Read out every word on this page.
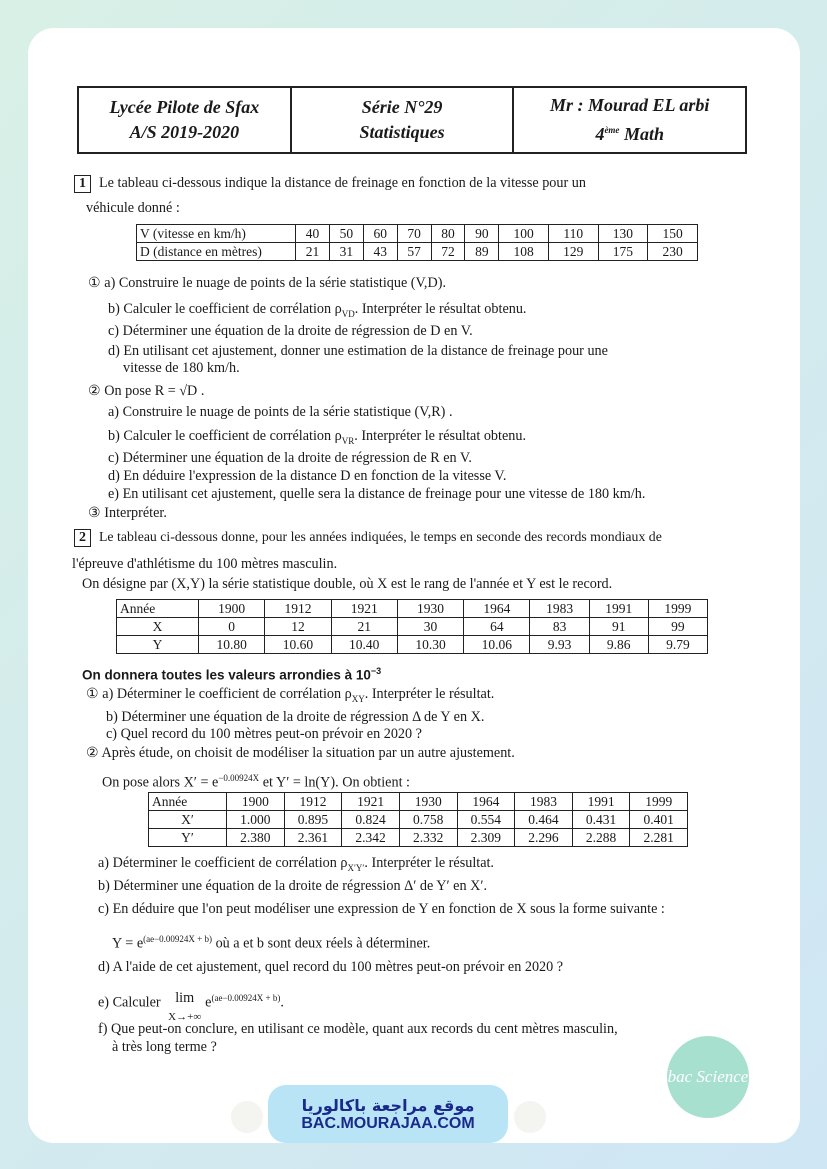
Lycée Pilote de Sfax
A/S 2019-2020
Série N°29
Statistiques
Mr : Mourad EL arbi
4ème Math
1 Le tableau ci-dessous indique la distance de freinage en fonction de la vitesse pour un
véhicule donné :
V (vitesse en km/h)	40	50	60	70	80	90	100	110	130	150
D (distance en mètres)	21	31	43	57	72	89	108	129	175	230
① a) Construire le nuage de points de la série statistique (V,D).
b) Calculer le coefficient de corrélation $\rho_{VD}$. Interpréter le résultat obtenu.
c) Déterminer une équation de la droite de régression de D en V.
d) En utilisant cet ajustement, donner une estimation de la distance de freinage pour une
vitesse de 180 km/h.
② On pose R = √D .
a) Construire le nuage de points de la série statistique (V,R) .
b) Calculer le coefficient de corrélation $\rho_{VR}$. Interpréter le résultat obtenu.
c) Déterminer une équation de la droite de régression de R en V.
d) En déduire l'expression de la distance D en fonction de la vitesse V.
e) En utilisant cet ajustement, quelle sera la distance de freinage pour une vitesse de 180 km/h.
③ Interpréter.
2 Le tableau ci-dessous donne, pour les années indiquées, le temps en seconde des records mondiaux de
l'épreuve d'athlétisme du 100 mètres masculin.
On désigne par (X,Y) la série statistique double, où X est le rang de l'année et Y est le record.
Année	1900	1912	1921	1930	1964	1983	1991	1999
X	0	12	21	30	64	83	91	99
Y	10.80	10.60	10.40	10.30	10.06	9.93	9.86	9.79
On donnera toutes les valeurs arrondies à $10^{-3}$
① a) Déterminer le coefficient de corrélation $\rho_{XY}$. Interpréter le résultat.
b) Déterminer une équation de la droite de régression Δ de Y en X.
c) Quel record du 100 mètres peut-on prévoir en 2020 ?
② Après étude, on choisit de modéliser la situation par un autre ajustement.
On pose alors $X' = e^{-0.00924X}$ et Y′ = ln(Y). On obtient :
Année	1900	1912	1921	1930	1964	1983	1991	1999
X′	1.000	0.895	0.824	0.758	0.554	0.464	0.431	0.401
Y′	2.380	2.361	2.342	2.332	2.309	2.296	2.288	2.281
a) Déterminer le coefficient de corrélation $\rho_{X'Y'}$. Interpréter le résultat.
b) Déterminer une équation de la droite de régression Δ′ de Y′ en X′.
c) En déduire que l'on peut modéliser une expression de Y en fonction de X sous la forme suivante :
$Y = e^{(ae-0.00924X + b)}$ où a et b sont deux réels à déterminer.
d) A l'aide de cet ajustement, quel record du 100 mètres peut-on prévoir en 2020 ?
e) Calculer lim
$X\to+\infty e^{(ae-0.00924X + b)}$.
f) Que peut-on conclure, en utilisant ce modèle, quant aux records du cent mètres masculin,
à très long terme ?
موقع مراجعة باكالوريا
BAC.MOURAJAA.COM
bac Science
